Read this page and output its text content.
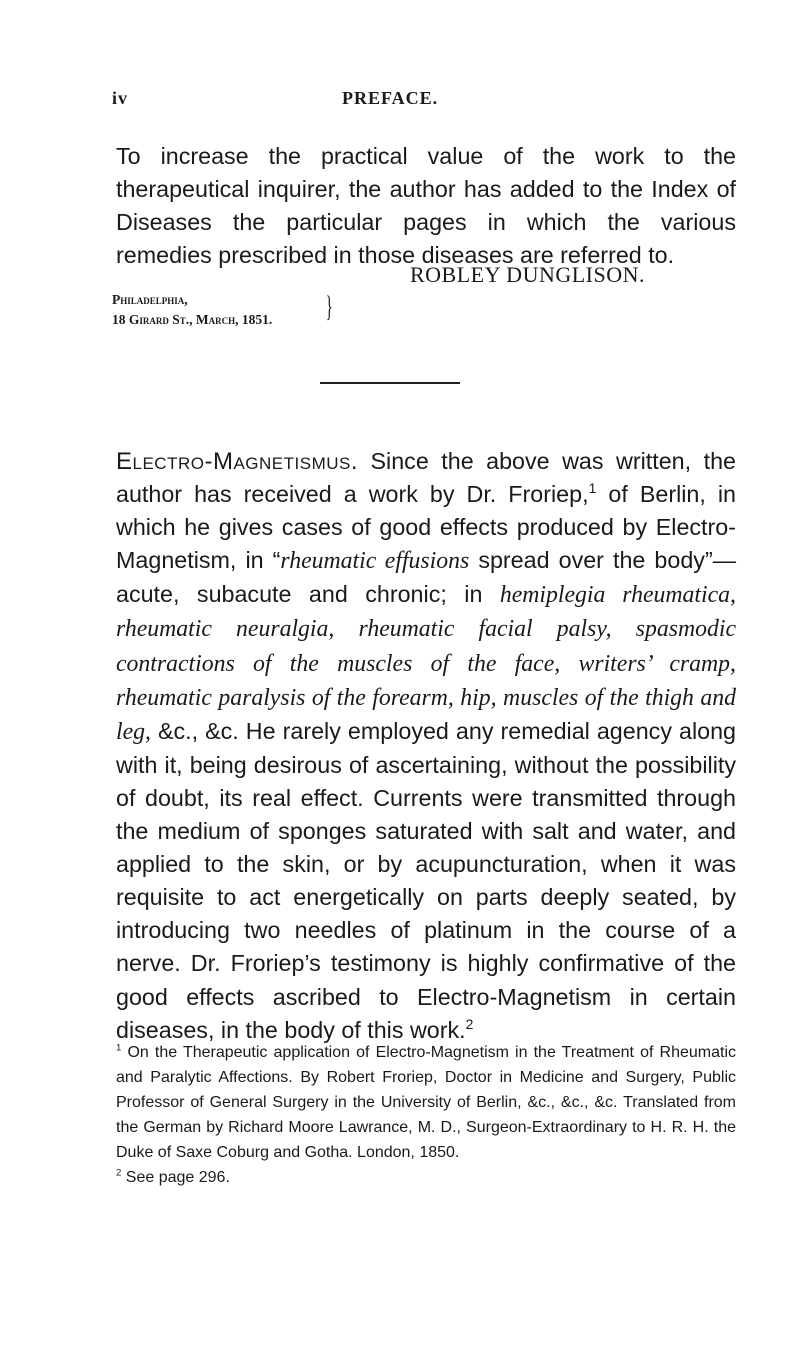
iv	PREFACE.

To increase the practical value of the work to the therapeutical inquirer, the author has added to the Index of Diseases the particular pages in which the various remedies prescribed in those diseases are referred to.

ROBLEY DUNGLISON.
Philadelphia,
18 Girard St., March, 1851. }

Electro-Magnetismus. Since the above was written, the author has received a work by Dr. Froriep,$^1$ of Berlin, in which he gives cases of good effects produced by Electro-Magnetism, in “rheumatic effusions spread over the body”—acute, subacute and chronic; in hemiplegia rheumatica, rheumatic neuralgia, rheumatic facial palsy, spasmodic contractions of the muscles of the face, writers’ cramp, rheumatic paralysis of the forearm, hip, muscles of the thigh and leg, &c., &c. He rarely employed any remedial agency along with it, being desirous of ascertaining, without the possibility of doubt, its real effect. Currents were transmitted through the medium of sponges saturated with salt and water, and applied to the skin, or by acupuncturation, when it was requisite to act energetically on parts deeply seated, by introducing two needles of platinum in the course of a nerve. Dr. Froriep’s testimony is highly confirmative of the good effects ascribed to Electro-Magnetism in certain diseases, in the body of this work.$^2$

$^1$ On the Therapeutic application of Electro-Magnetism in the Treatment of Rheumatic and Paralytic Affections. By Robert Froriep, Doctor in Medicine and Surgery, Public Professor of General Surgery in the University of Berlin, &c., &c., &c. Translated from the German by Richard Moore Lawrance, M. D., Surgeon-Extraordinary to H. R. H. the Duke of Saxe Coburg and Gotha. London, 1850.

$^2$ See page 296.
